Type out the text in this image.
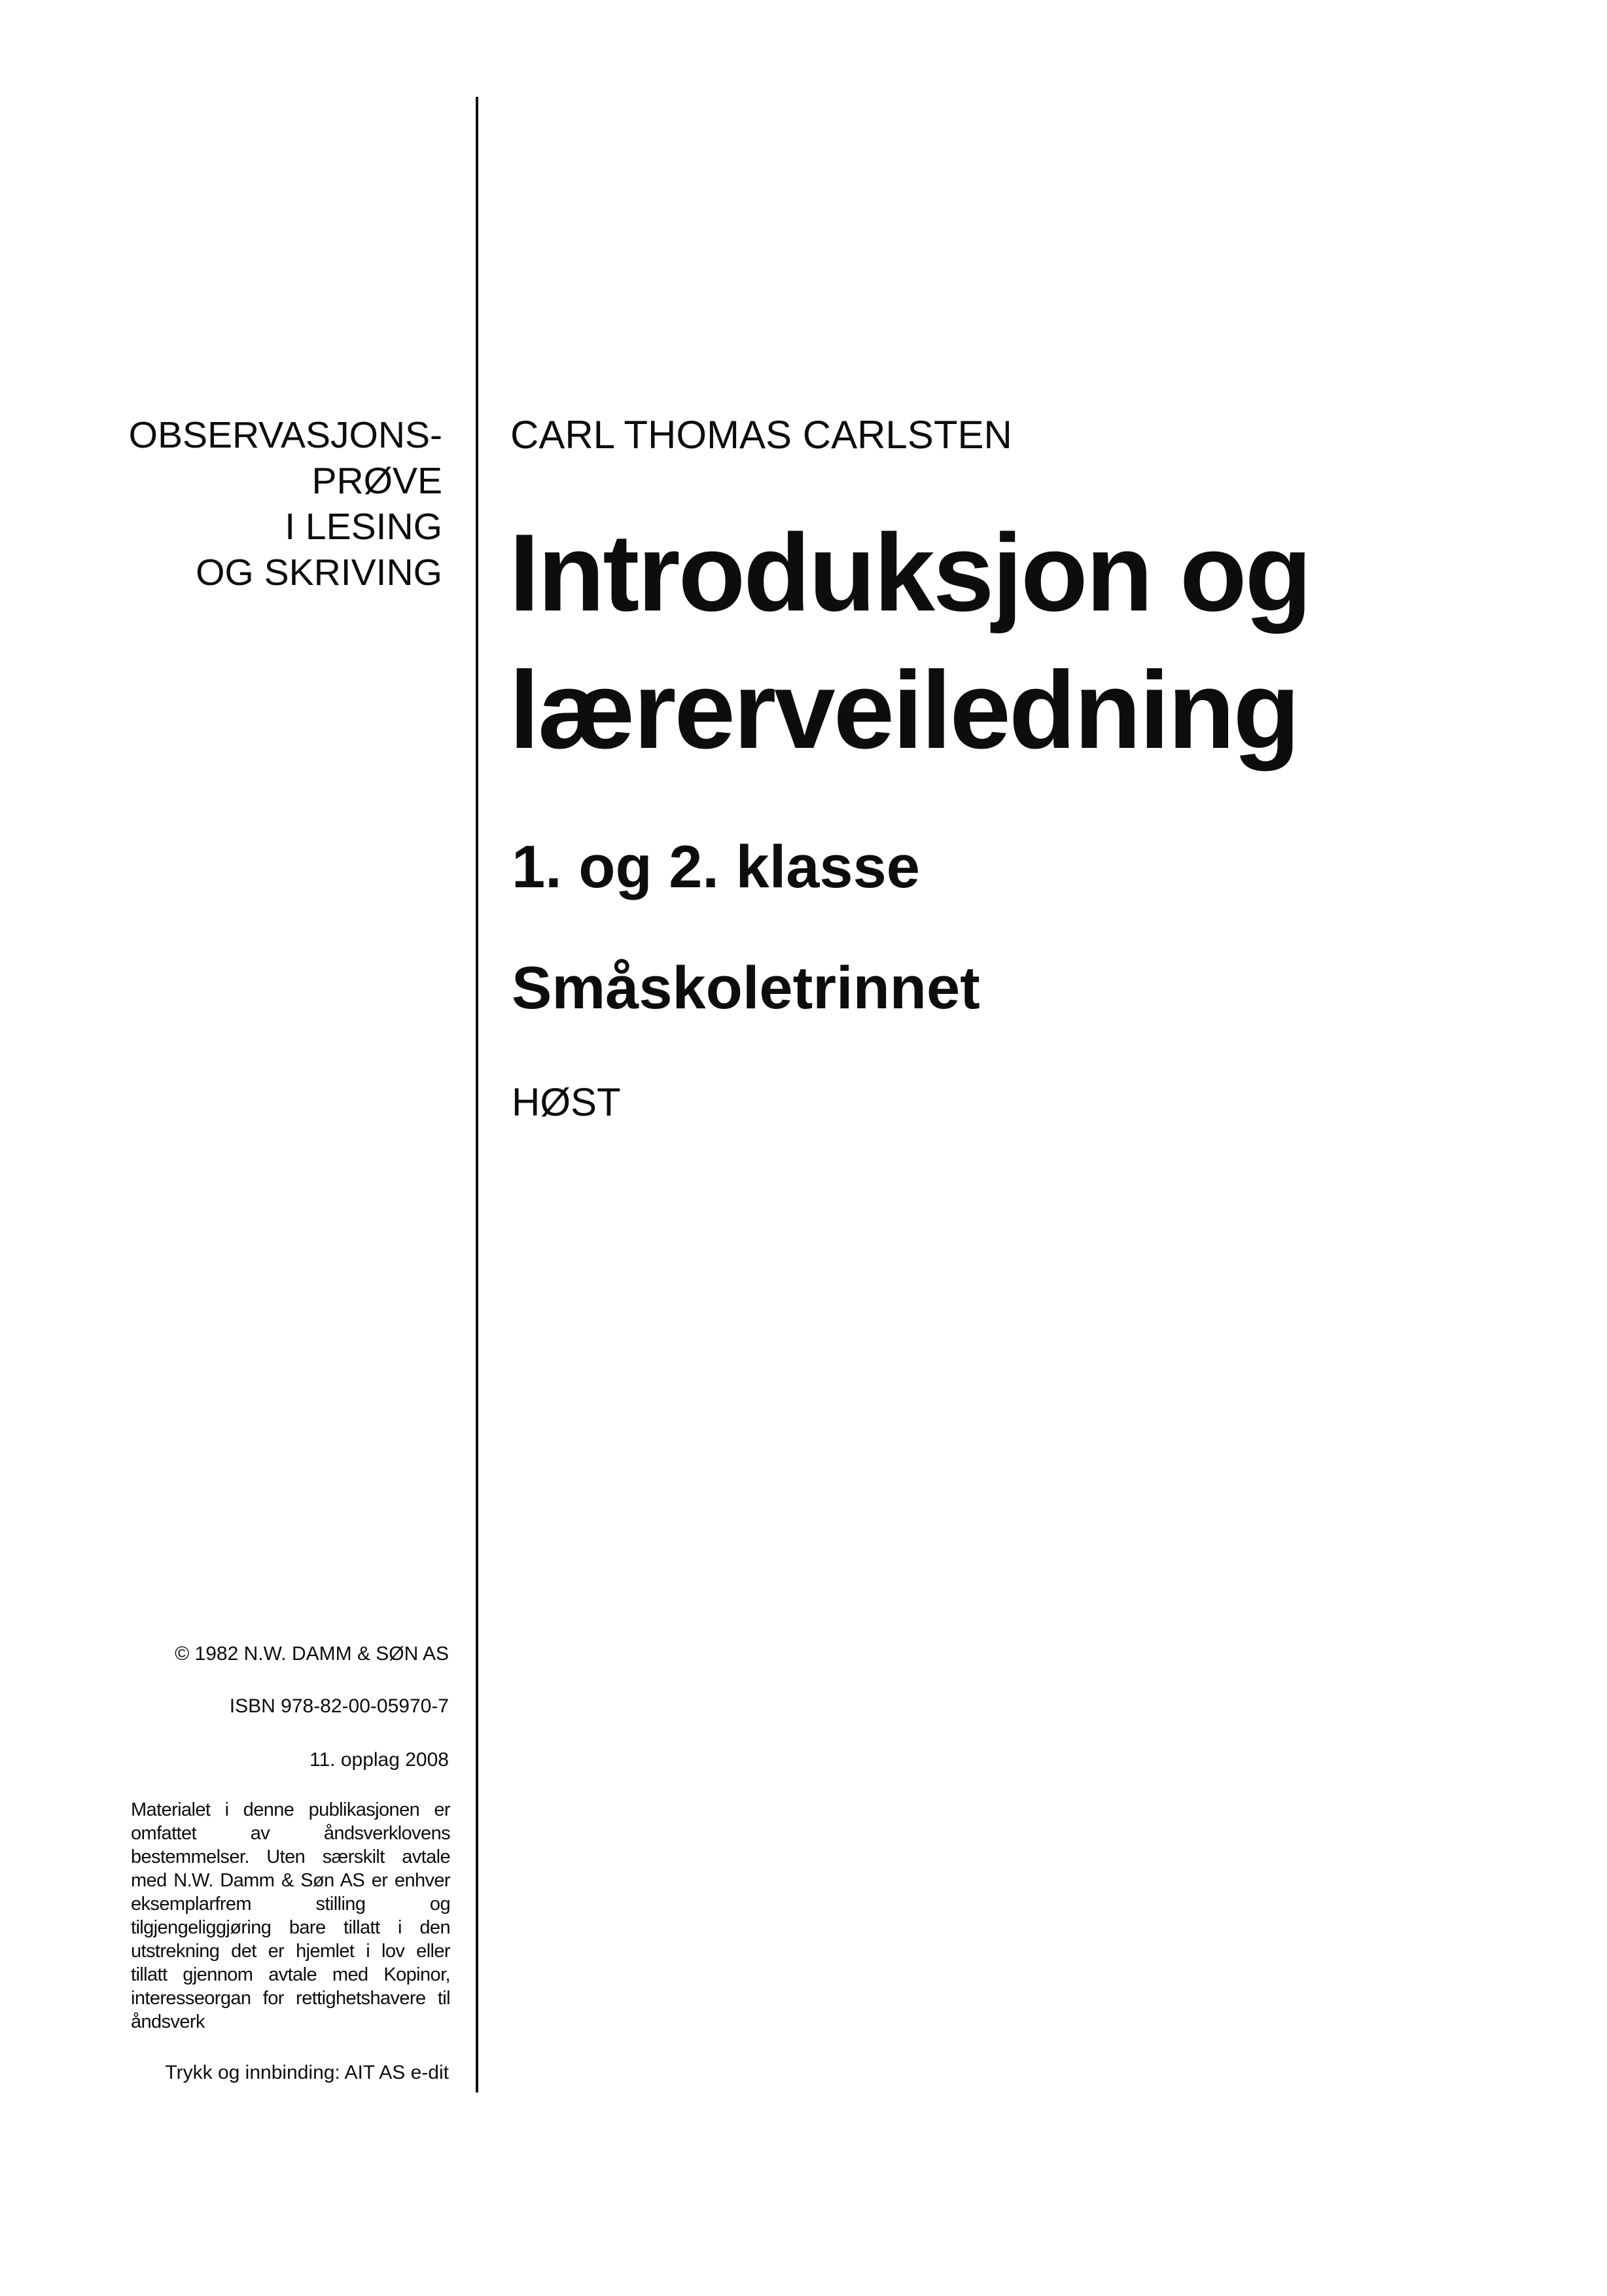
OBSERVASJONS-
PRØVE
I LESING
OG SKRIVING
CARL THOMAS CARLSTEN
Introduksjon og
lærerveiledning
1. og 2. klasse
Småskoletrinnet
HØST
© 1982 N.W. DAMM & SØN AS
ISBN 978-82-00-05970-7
11. opplag 2008
Materialet i denne publikasjonen er omfattet av åndsverklovens bestemmelser. Uten særskilt avtale med N.W. Damm & Søn AS er enhver eksemplarfrem stilling og tilgjengeliggjøring bare tillatt i den utstrekning det er hjemlet i lov eller tillatt gjennom avtale med Kopinor, interesseorgan for rettighetshavere til åndsverk
Trykk og innbinding: AIT AS e-dit
